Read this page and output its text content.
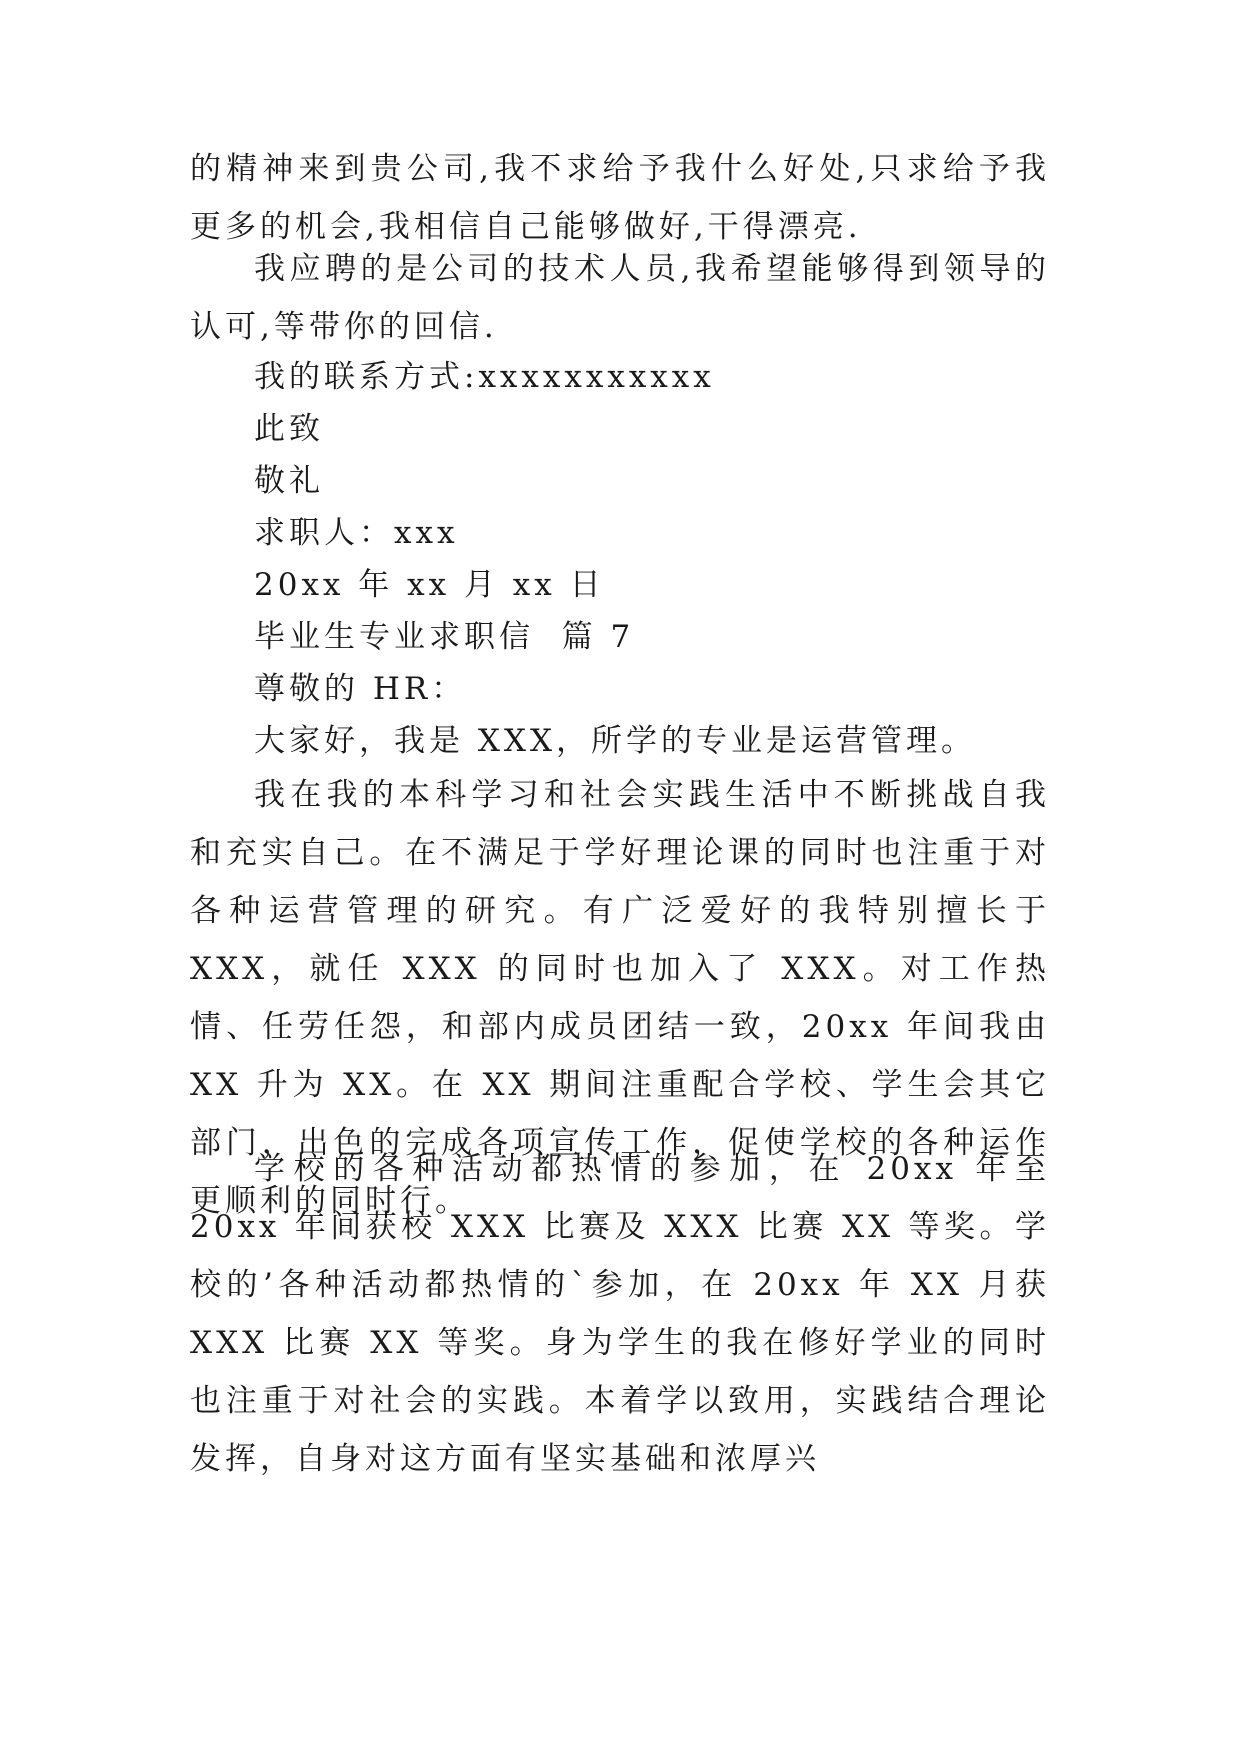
的精神来到贵公司,我不求给予我什么好处,只求给予我更多的机会,我相信自己能够做好,干得漂亮.
我应聘的是公司的技术人员,我希望能够得到领导的认可,等带你的回信.
我的联系方式:xxxxxxxxxxx
此致
敬礼
求职人：xxx
20xx 年 xx 月 xx 日
毕业生专业求职信  篇 7
尊敬的 HR：
大家好，我是 XXX，所学的专业是运营管理。
我在我的本科学习和社会实践生活中不断挑战自我和充实自己。在不满足于学好理论课的同时也注重于对各种运营管理的研究。有广泛爱好的我特别擅长于 XXX，就任 XXX 的同时也加入了 XXX。对工作热情、任劳任怨，和部内成员团结一致，20xx 年间我由 XX 升为 XX。在 XX 期间注重配合学校、学生会其它部门，出色的完成各项宣传工作，促使学校的各种运作更顺利的同时行。
学校的各种活动都热情的参加，在 20xx 年至 20xx 年间获校 XXX 比赛及 XXX 比赛 XX 等奖。学校的’各种活动都热情的`参加，在 20xx 年 XX 月获 XXX 比赛 XX 等奖。身为学生的我在修好学业的同时也注重于对社会的实践。本着学以致用，实践结合理论发挥，自身对这方面有坚实基础和浓厚兴
